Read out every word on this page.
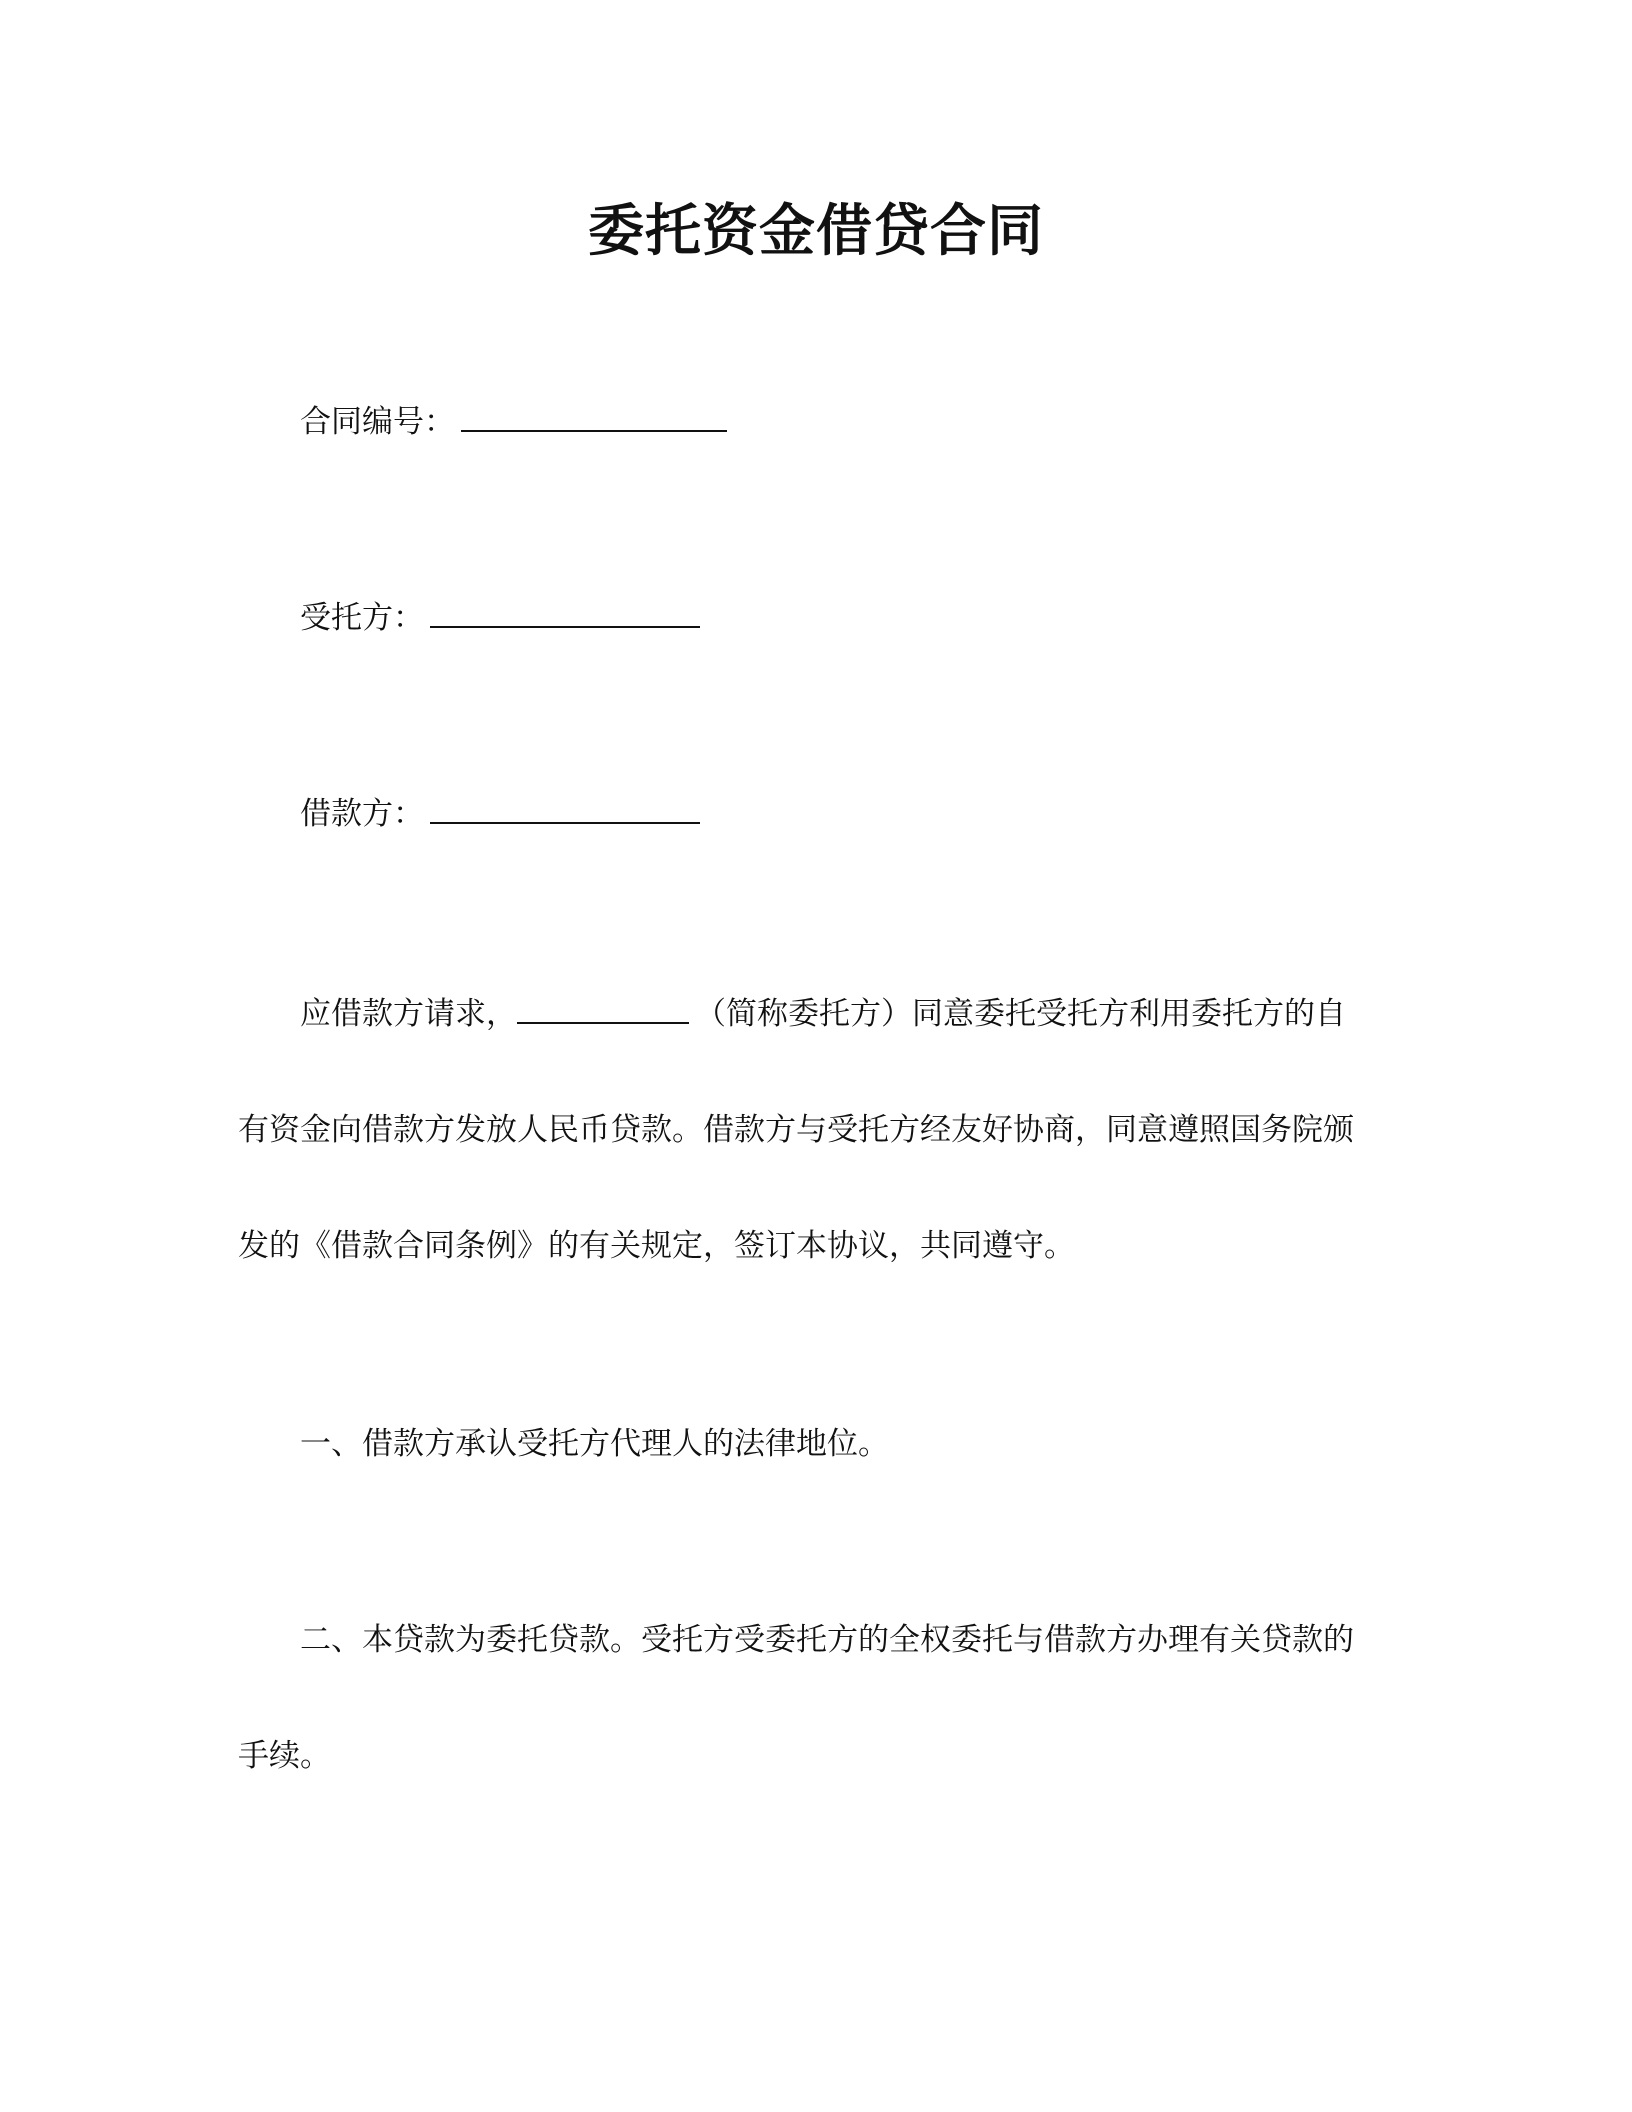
委托资金借贷合同
合同编号：
受托方：
借款方：
应借款方请求，	（简称委托方）同意委托受托方利用委托方的自
有资金向借款方发放人民币贷款。借款方与受托方经友好协商，同意遵照国务院颁
发的《借款合同条例》的有关规定，签订本协议，共同遵守。
一、借款方承认受托方代理人的法律地位。
二、本贷款为委托贷款。受托方受委托方的全权委托与借款方办理有关贷款的
手续。
